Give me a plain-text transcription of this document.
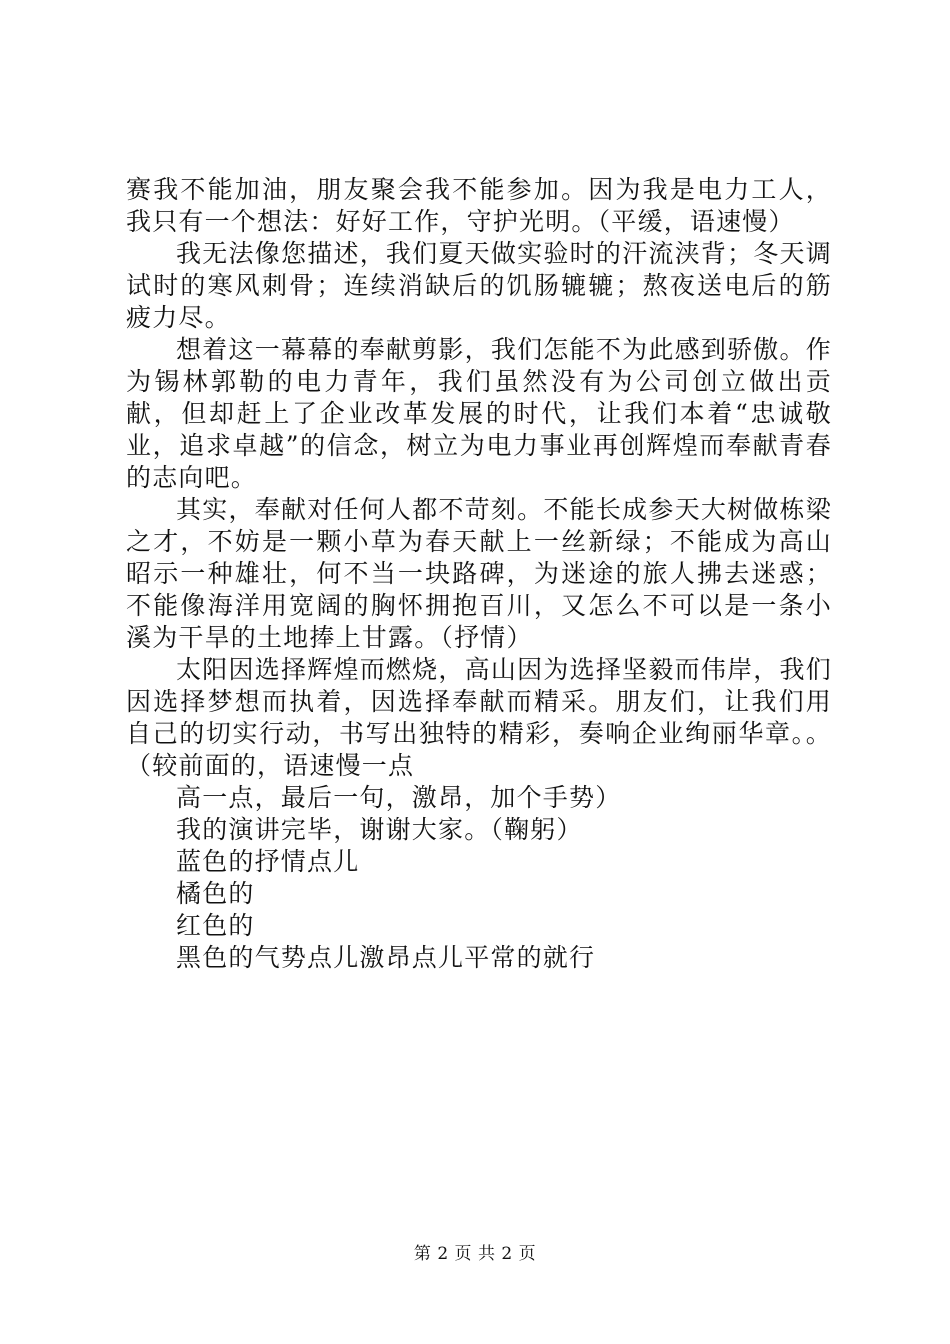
赛我不能加油，朋友聚会我不能参加。因为我是电力工人，我只有一个想法：好好工作，守护光明。（平缓，语速慢）

我无法像您描述，我们夏天做实验时的汗流浃背；冬天调试时的寒风刺骨；连续消缺后的饥肠辘辘；熬夜送电后的筋疲力尽。

想着这一幕幕的奉献剪影，我们怎能不为此感到骄傲。作为锡林郭勒的电力青年，我们虽然没有为公司创立做出贡献，但却赶上了企业改革发展的时代，让我们本着“忠诚敬业，追求卓越”的信念，树立为电力事业再创辉煌而奉献青春的志向吧。

其实，奉献对任何人都不苛刻。不能长成参天大树做栋梁之才，不妨是一颗小草为春天献上一丝新绿；不能成为高山昭示一种雄壮，何不当一块路碑，为迷途的旅人拂去迷惑；不能像海洋用宽阔的胸怀拥抱百川，又怎么不可以是一条小溪为干旱的土地捧上甘露。（抒情）

太阳因选择辉煌而燃烧，高山因为选择坚毅而伟岸，我们因选择梦想而执着，因选择奉献而精采。朋友们，让我们用自己的切实行动，书写出独特的精彩，奏响企业绚丽华章。。（较前面的，语速慢一点

高一点，最后一句，激昂，加个手势）

我的演讲完毕，谢谢大家。（鞠躬）

蓝色的抒情点儿

橘色的

红色的

黑色的气势点儿激昂点儿平常的就行

第 2 页 共 2 页
